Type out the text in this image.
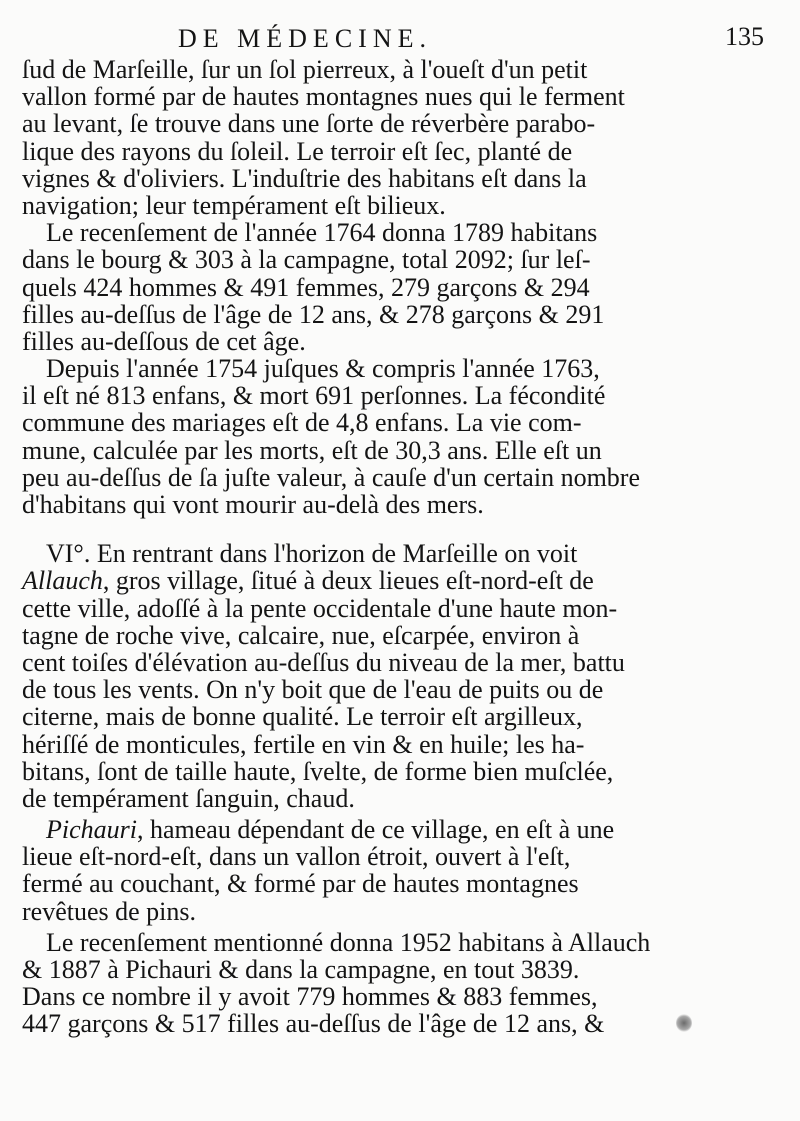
DE MÉDECINE.	135
ſud de Marſeille, ſur un ſol pierreux, à l'oueſt d'un petit
vallon formé par de hautes montagnes nues qui le ferment
au levant, ſe trouve dans une ſorte de réverbère parabo-
lique des rayons du ſoleil. Le terroir eſt ſec, planté de
vignes & d'oliviers. L'induſtrie des habitans eſt dans la
navigation; leur tempérament eſt bilieux.
Le recenſement de l'année 1764 donna 1789 habitans
dans le bourg & 303 à la campagne, total 2092; ſur leſ-
quels 424 hommes & 491 femmes, 279 garçons & 294
filles au-deſſus de l'âge de 12 ans, & 278 garçons & 291
filles au-deſſous de cet âge.
Depuis l'année 1754 juſques & compris l'année 1763,
il eſt né 813 enfans, & mort 691 perſonnes. La fécondité
commune des mariages eſt de 4,8 enfans. La vie com-
mune, calculée par les morts, eſt de 30,3 ans. Elle eſt un
peu au-deſſus de ſa juſte valeur, à cauſe d'un certain nombre
d'habitans qui vont mourir au-delà des mers.
VI°. En rentrant dans l'horizon de Marſeille on voit
Allauch, gros village, ſitué à deux lieues eſt-nord-eſt de
cette ville, adoſſé à la pente occidentale d'une haute mon-
tagne de roche vive, calcaire, nue, eſcarpée, environ à
cent toiſes d'élévation au-deſſus du niveau de la mer, battu
de tous les vents. On n'y boit que de l'eau de puits ou de
citerne, mais de bonne qualité. Le terroir eſt argilleux,
hériſſé de monticules, fertile en vin & en huile; les ha-
bitans, ſont de taille haute, ſvelte, de forme bien muſclée,
de tempérament ſanguin, chaud.
Pichauri, hameau dépendant de ce village, en eſt à une
lieue eſt-nord-eſt, dans un vallon étroit, ouvert à l'eſt,
fermé au couchant, & formé par de hautes montagnes
revêtues de pins.
Le recenſement mentionné donna 1952 habitans à Allauch
& 1887 à Pichauri & dans la campagne, en tout 3839.
Dans ce nombre il y avoit 779 hommes & 883 femmes,
447 garçons & 517 filles au-deſſus de l'âge de 12 ans, &
